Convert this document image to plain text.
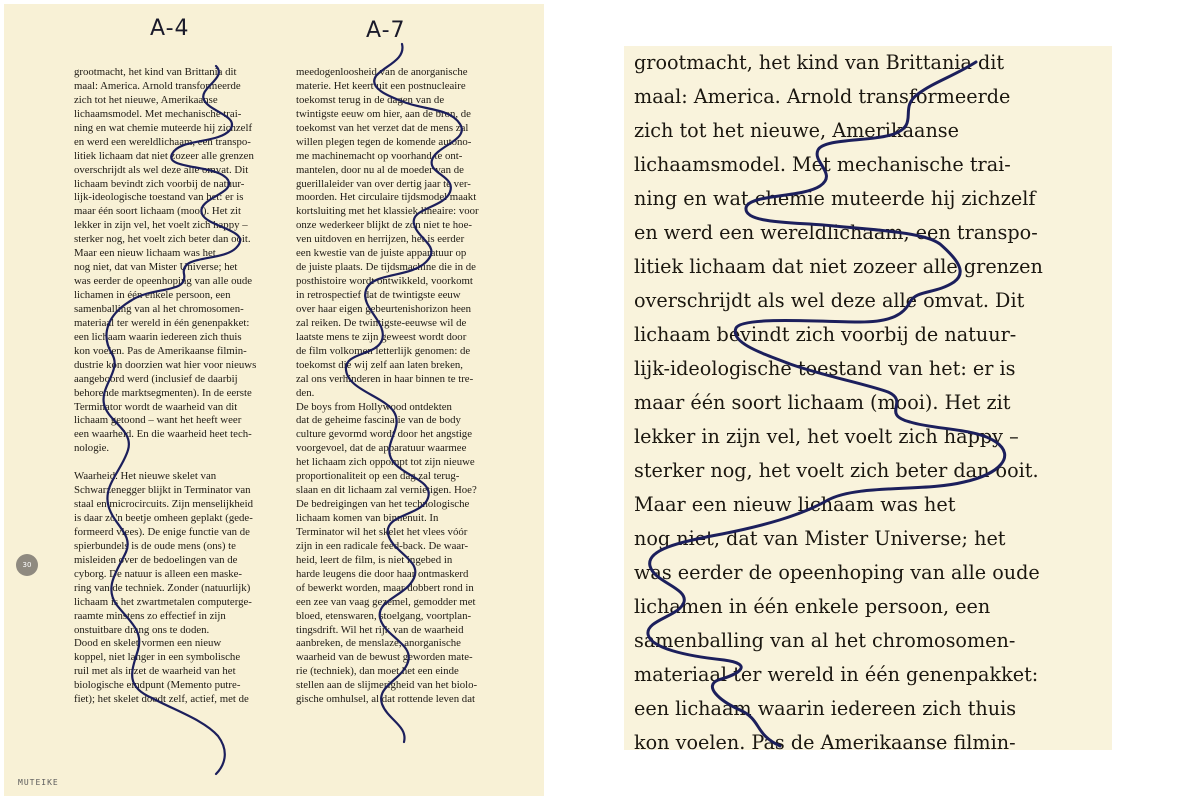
A-4	A-7
grootmacht, het kind van Brittania dit
maal: America. Arnold transformeerde
zich tot het nieuwe, Amerikaanse
lichaamsmodel. Met mechanische trai-
ning en wat chemie muteerde hij zichzelf
en werd een wereldlichaam, een transpo-
litiek lichaam dat niet zozeer alle grenzen
overschrijdt als wel deze alle omvat. Dit
lichaam bevindt zich voorbij de natuur-
lijk-ideologische toestand van het: er is
maar één soort lichaam (mooi). Het zit
lekker in zijn vel, het voelt zich happy –
sterker nog, het voelt zich beter dan ooit.
Maar een nieuw lichaam was het
nog niet, dat van Mister Universe; het
was eerder de opeenhoping van alle oude
lichamen in één enkele persoon, een
samenballing van al het chromosomen-
materiaal ter wereld in één genenpakket:
een lichaam waarin iedereen zich thuis
kon voelen. Pas de Amerikaanse filmin-
dustrie kon doorzien wat hier voor nieuws
aangeboord werd (inclusief de daarbij
behorende marktsegmenten). In de eerste
Terminator wordt de waarheid van dit
lichaam getoond – want het heeft weer
een waarheid. En die waarheid heet tech-
nologie.
Waarheid. Het nieuwe skelet van
Schwarzenegger blijkt in Terminator van
staal en microcircuits. Zijn menselijkheid
is daar zo'n beetje omheen geplakt (gede-
formeerd vlees). De enige functie van de
spierbundels is de oude mens (ons) te
misleiden over de bedoelingen van de
cyborg. De natuur is alleen een maske-
ring van de techniek. Zonder (natuurlijk)
lichaam is het zwartmetalen computerge-
raamte minstens zo effectief in zijn
onstuitbare drang ons te doden.
Dood en skelet vormen een nieuw
koppel, niet langer in een symbolische
ruil met als inzet de waarheid van het
biologische eindpunt (Memento putre-
fiet); het skelet doodt zelf, actief, met de
meedogenloosheid van de anorganische
materie. Het keert uit een postnucleaire
toekomst terug in de dagen van de
twintigste eeuw om hier, aan de bron, de
toekomst van het verzet dat de mens zal
willen plegen tegen de komende autono-
me machinemacht op voorhand te ont-
mantelen, door nu al de moeder van de
guerillaleider van over dertig jaar te ver-
moorden. Het circulaire tijdsmodel maakt
kortsluiting met het klassiek lineaire: voor
onze wederkeer blijkt de zon niet te hoe-
ven uitdoven en herrijzen, het is eerder
een kwestie van de juiste apparatuur op
de juiste plaats. De tijdsmachine die in de
posthistoire wordt ontwikkeld, voorkomt
in retrospectief dat de twintigste eeuw
over haar eigen gebeurtenishorizon heen
zal reiken. De twintigste-eeuwse wil de
laatste mens te zijn geweest wordt door
de film volkomen letterlijk genomen: de
toekomst die wij zelf aan laten breken,
zal ons verhinderen in haar binnen te tre-
den.
De boys from Hollywood ontdekten
dat de geheime fascinatie van de body
culture gevormd wordt door het angstige
voorgevoel, dat de apparatuur waarmee
het lichaam zich oppompt tot zijn nieuwe
proportionaliteit op een dag zal terug-
slaan en dit lichaam zal vernietigen. Hoe?
De bedreigingen van het technologische
lichaam komen van binnenuit. In
Terminator wil het skelet het vlees vóór
zijn in een radicale feed-back. De waar-
heid, leert de film, is niet ingebed in
harde leugens die door haar ontmaskerd
of bewerkt worden, maar dobbert rond in
een zee van vaag gezemel, gemodder met
bloed, etenswaren, stoelgang, voortplan-
tingsdrift. Wil het rijk van de waarheid
aanbreken, de menslaze, anorganische
waarheid van de bewust geworden mate-
rie (techniek), dan moet het een einde
stellen aan de slijmerigheid van het biolo-
gische omhulsel, al dat rottende leven dat
30
MUTEIKE
grootmacht, het kind van Brittania dit
maal: America. Arnold transformeerde
zich tot het nieuwe, Amerikaanse
lichaamsmodel. Met mechanische trai-
ning en wat chemie muteerde hij zichzelf
en werd een wereldlichaam, een transpo-
litiek lichaam dat niet zozeer alle grenzen
overschrijdt als wel deze alle omvat. Dit
lichaam bevindt zich voorbij de natuur-
lijk-ideologische toestand van het: er is
maar één soort lichaam (mooi). Het zit
lekker in zijn vel, het voelt zich happy –
sterker nog, het voelt zich beter dan ooit.
Maar een nieuw lichaam was het
nog niet, dat van Mister Universe; het
was eerder de opeenhoping van alle oude
lichamen in één enkele persoon, een
samenballing van al het chromosomen-
materiaal ter wereld in één genenpakket:
een lichaam waarin iedereen zich thuis
kon voelen. Pas de Amerikaanse filmin-
